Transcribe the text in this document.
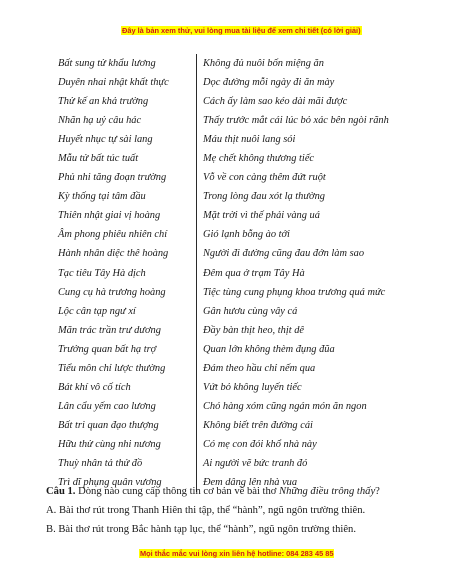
Đây là bản xem thử, vui lòng mua tài liệu để xem chi tiết (có lời giải)
Bất sung tử khẩu lương	Không đủ nuôi bốn miệng ăn
Duyên nhai nhật khất thực	Dọc đường mỗi ngày đi ăn mày
Thử kế an khả trường	Cách ấy làm sao kéo dài mãi được
Nhãn hạ uỷ câu hác	Thấy trước mắt cái lúc bỏ xác bên ngòi rãnh
Huyết nhục tự sài lang	Máu thịt nuôi lang sói
Mẫu tử bất túc tuất	Mẹ chết không thương tiếc
Phủ nhi tăng đoạn trường	Vỗ về con càng thêm đứt ruột
Kỳ thống tại tâm đầu	Trong lòng đau xót lạ thường
Thiên nhật giai vị hoàng	Mặt trời vì thế phải vàng uá
Âm phong phiêu nhiên chí	Gió lạnh bỗng ào tới
Hành nhân diệc thê hoàng	Người đi đường cũng đau đớn làm sao
Tạc tiêu Tây Hà dịch	Đêm qua ở trạm Tây Hà
Cung cụ hà trương hoàng	Tiệc tùng cung phụng khoa trương quá mức
Lộc cân tạp ngư xí	Gân hươu cùng vây cá
Mãn trác trần trư dương	Đầy bàn thịt heo, thịt dê
Trưởng quan bất hạ trợ	Quan lớn không thèm đụng đũa
Tiểu môn chỉ lược thường	Đám theo hầu chỉ nếm qua
Bát khí vô cố tích	Vứt bỏ không luyến tiếc
Lân cẩu yếm cao lương	Chó hàng xóm cũng ngán món ăn ngon
Bất tri quan đạo thượng	Không biết trên đường cái
Hữu thử cùng nhi nương	Có mẹ con đói khổ nhà này
Thuỳ nhân tả thử đồ	Ai người vẽ bức tranh đó
Trì dĩ phụng quân vương	Đem dâng lên nhà vua

Câu 1. Dòng nào cung cấp thông tin cơ bản về bài thơ Những điều trông thấy?

A. Bài thơ rút trong Thanh Hiên thi tập, thể “hành”, ngũ ngôn trường thiên.

B. Bài thơ rút trong Bắc hành tạp lục, thể “hành”, ngũ ngôn trường thiên.

Mọi thắc mắc vui lòng xin liên hệ hotline: 084 283 45 85
